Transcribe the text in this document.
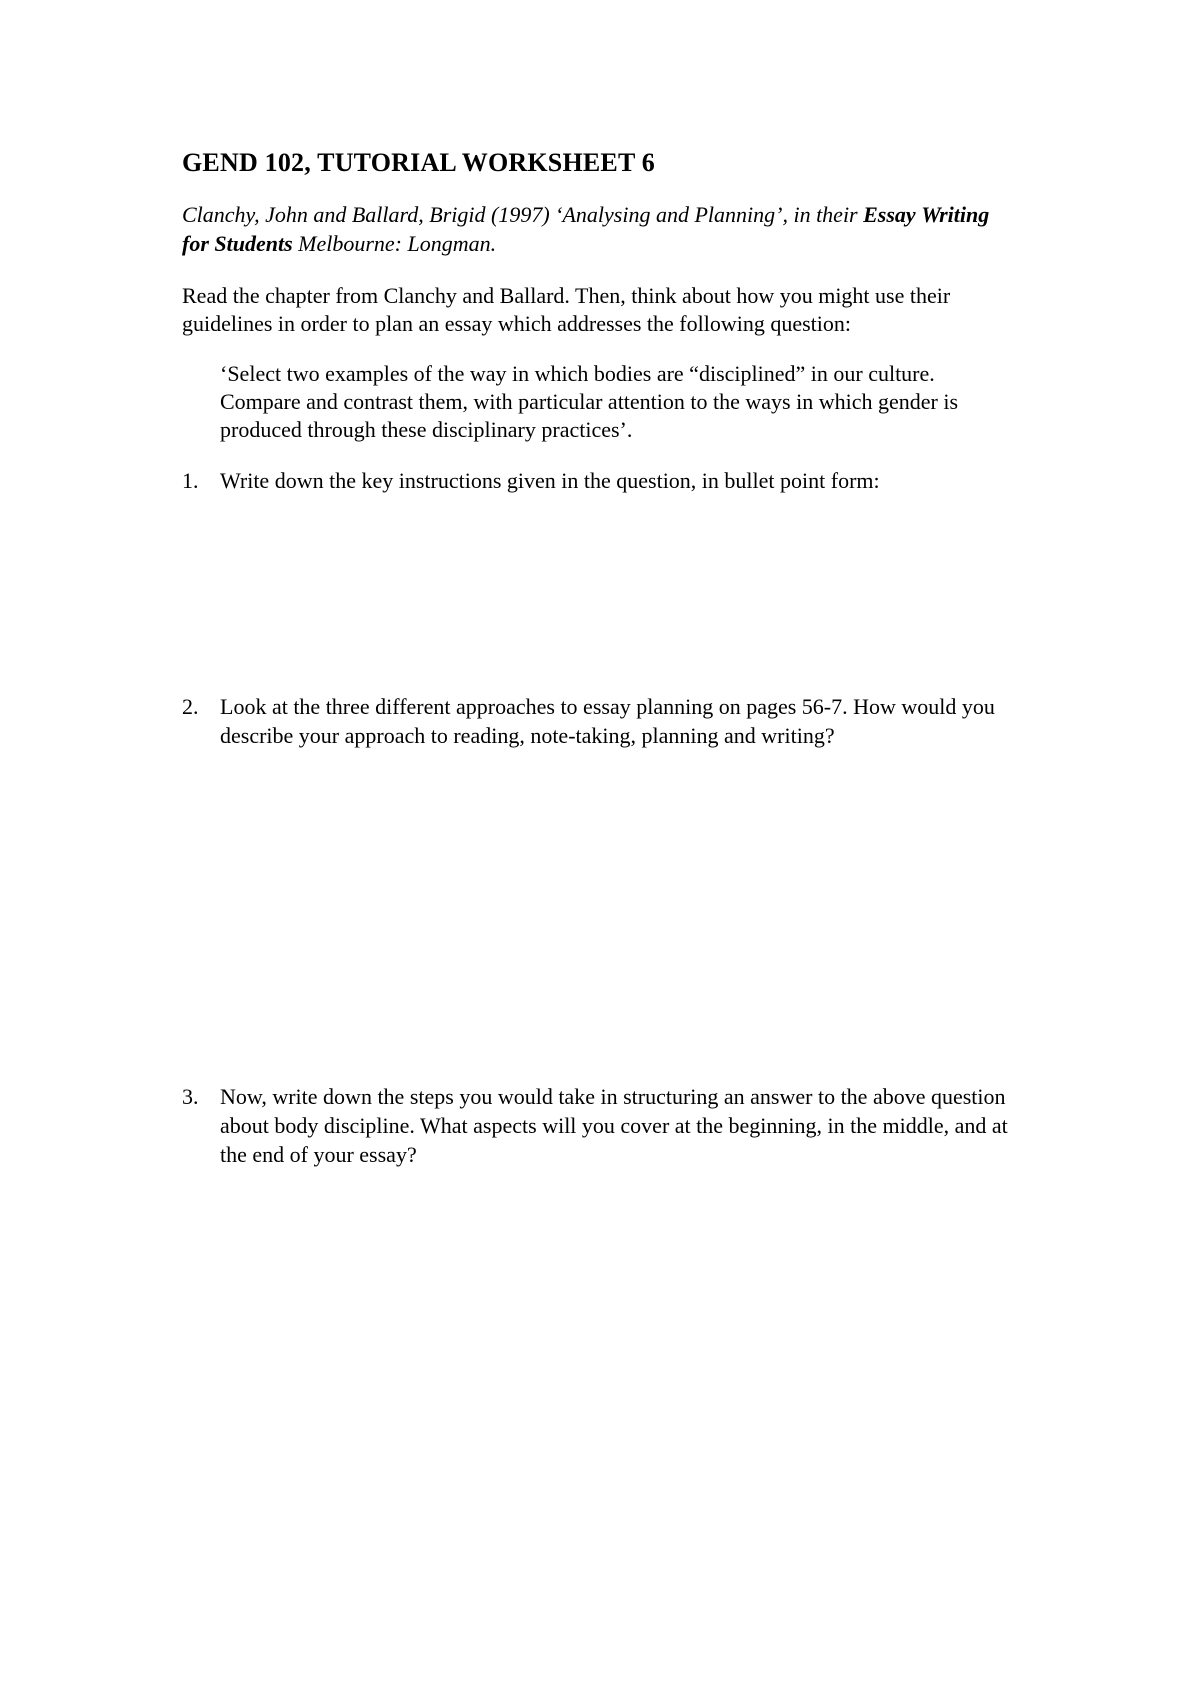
GEND 102, TUTORIAL WORKSHEET 6

Clanchy, John and Ballard, Brigid (1997) ‘Analysing and Planning’, in their Essay Writing for Students Melbourne: Longman.

Read the chapter from Clanchy and Ballard. Then, think about how you might use their guidelines in order to plan an essay which addresses the following question:

‘Select two examples of the way in which bodies are “disciplined” in our culture. Compare and contrast them, with particular attention to the ways in which gender is produced through these disciplinary practices’.

1. Write down the key instructions given in the question, in bullet point form:
2. Look at the three different approaches to essay planning on pages 56-7. How would you describe your approach to reading, note-taking, planning and writing?
3. Now, write down the steps you would take in structuring an answer to the above question about body discipline. What aspects will you cover at the beginning, in the middle, and at the end of your essay?
